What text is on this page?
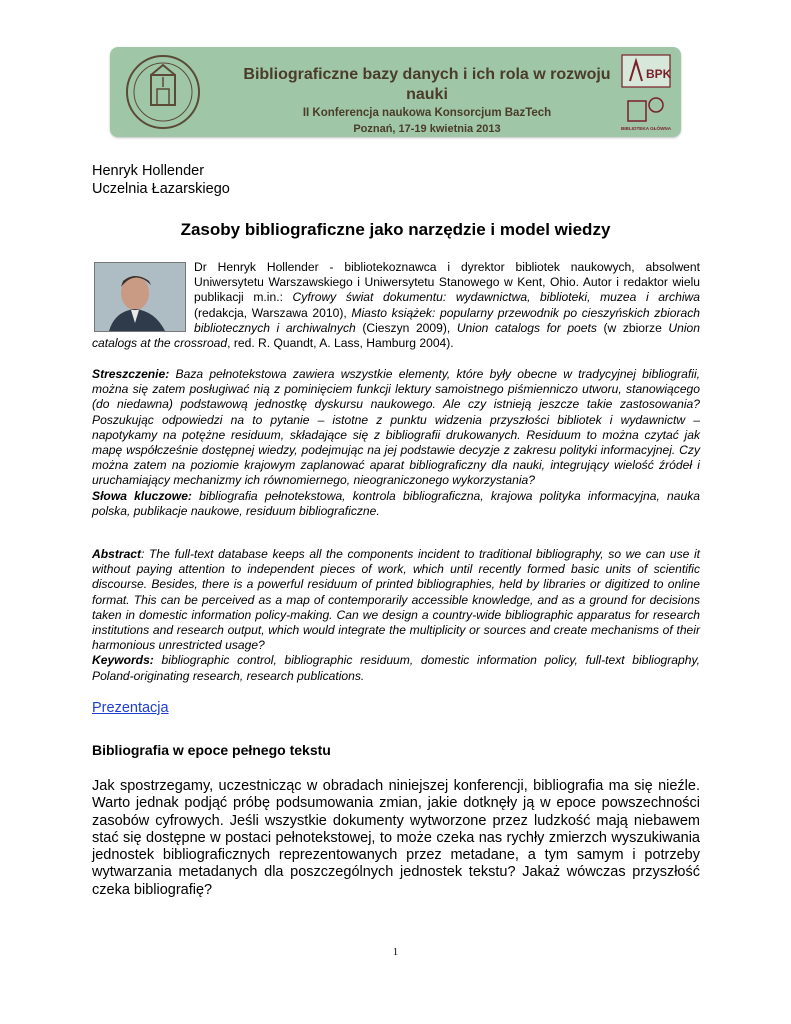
Bibliograficzne bazy danych i ich rola w rozwoju nauki
II Konferencja naukowa Konsorcjum BazTech
Poznań, 17-19 kwietnia 2013
BPK
BIBLIOTEKA GŁÓWNA
Henryk Hollender
Uczelnia Łazarskiego
Zasoby bibliograficzne jako narzędzie i model wiedzy
Dr Henryk Hollender - bibliotekoznawca i dyrektor bibliotek naukowych, absolwent Uniwersytetu Warszawskiego i Uniwersytetu Stanowego w Kent, Ohio. Autor i redaktor wielu publikacji m.in.: Cyfrowy świat dokumentu: wydawnictwa, biblioteki, muzea i archiwa (redakcja, Warszawa 2010), Miasto książek: popularny przewodnik po cieszyńskich zbiorach bibliotecznych i archiwalnych (Cieszyn 2009), Union catalogs for poets (w zbiorze Union catalogs at the crossroad, red. R. Quandt, A. Lass, Hamburg 2004).
Streszczenie: Baza pełnotekstowa zawiera wszystkie elementy, które były obecne w tradycyjnej bibliografii, można się zatem posługiwać nią z pominięciem funkcji lektury samoistnego piśmienniczo utworu, stanowiącego (do niedawna) podstawową jednostkę dyskursu naukowego. Ale czy istnieją jeszcze takie zastosowania? Poszukując odpowiedzi na to pytanie – istotne z punktu widzenia przyszłości bibliotek i wydawnictw – napotykamy na potężne residuum, składające się z bibliografii drukowanych. Residuum to można czytać jak mapę współcześnie dostępnej wiedzy, podejmując na jej podstawie decyzje z zakresu polityki informacyjnej. Czy można zatem na poziomie krajowym zaplanować aparat bibliograficzny dla nauki, integrujący wielość źródeł i uruchamiający mechanizmy ich równomiernego, nieograniczonego wykorzystania?
Słowa kluczowe: bibliografia pełnotekstowa, kontrola bibliograficzna, krajowa polityka informacyjna, nauka polska, publikacje naukowe, residuum bibliograficzne.
Abstract: The full-text database keeps all the components incident to traditional bibliography, so we can use it without paying attention to independent pieces of work, which until recently formed basic units of scientific discourse. Besides, there is a powerful residuum of printed bibliographies, held by libraries or digitized to online format. This can be perceived as a map of contemporarily accessible knowledge, and as a ground for decisions taken in domestic information policy-making. Can we design a country-wide bibliographic apparatus for research institutions and research output, which would integrate the multiplicity or sources and create mechanisms of their harmonious unrestricted usage?
Keywords: bibliographic control, bibliographic residuum, domestic information policy, full-text bibliography, Poland-originating research, research publications.
Prezentacja
Bibliografia w epoce pełnego tekstu
Jak spostrzegamy, uczestnicząc w obradach niniejszej konferencji, bibliografia ma się nieźle. Warto jednak podjąć próbę podsumowania zmian, jakie dotknęły ją w epoce powszechności zasobów cyfrowych. Jeśli wszystkie dokumenty wytworzone przez ludzkość mają niebawem stać się dostępne w postaci pełnotekstowej, to może czeka nas rychły zmierzch wyszukiwania jednostek bibliograficznych reprezentowanych przez metadane, a tym samym i potrzeby wytwarzania metadanych dla poszczególnych jednostek tekstu? Jakaż wówczas przyszłość czeka bibliografię?
1
